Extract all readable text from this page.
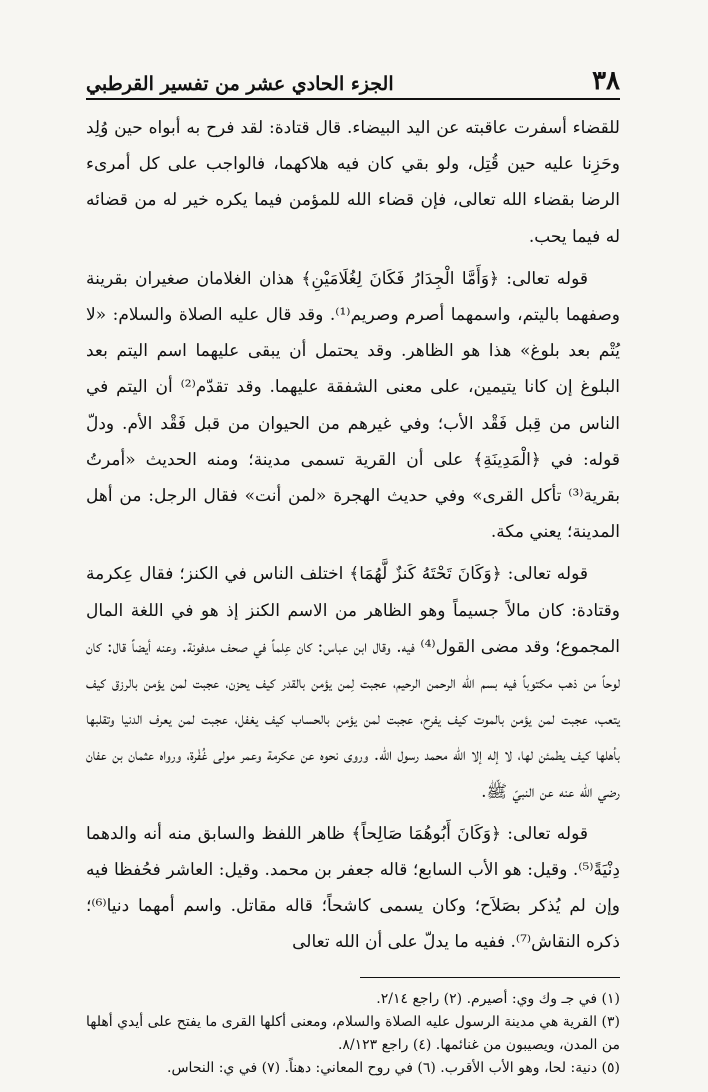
٣٨
الجزء الحادي عشر من تفسير القرطبي

للقضاء أسفرت عاقبته عن اليد البيضاء. قال قتادة: لقد فرح به أبواه حين وُلِد وحَزِنا عليه حين قُتِل، ولو بقي كان فيه هلاكهما، فالواجب على كل أمرىء الرضا بقضاء الله تعالى، فإن قضاء الله للمؤمن فيما يكره خير له من قضائه له فيما يحب.

قوله تعالى: ﴿وَأَمَّا الْجِدَارُ فَكَانَ لِغُلَامَيْنِ﴾ هذان الغلامان صغيران بقرينة وصفهما باليتم، واسمهما أصرم وصريم⁽¹⁾. وقد قال عليه الصلاة والسلام: «لا يُتْم بعد بلوغ» هذا هو الظاهر. وقد يحتمل أن يبقى عليهما اسم اليتم بعد البلوغ إن كانا يتيمين، على معنى الشفقة عليهما. وقد تقدّم⁽²⁾ أن اليتم في الناس من قِبل فَقْد الأب؛ وفي غيرهم من الحيوان من قبل فَقْد الأم. ودلّ قوله: في ﴿الْمَدِينَةِ﴾ على أن القرية تسمى مدينة؛ ومنه الحديث «أمرتُ بقرية⁽³⁾ تأكل القرى» وفي حديث الهجرة «لمن أنت» فقال الرجل: من أهل المدينة؛ يعني مكة.

قوله تعالى: ﴿وَكَانَ تَحْتَهُ كَنزٌ لَّهُمَا﴾ اختلف الناس في الكنز؛ فقال عِكرمة وقتادة: كان مالاً جسيماً وهو الظاهر من الاسم الكنز إذ هو في اللغة المال المجموع؛ وقد مضى القول⁽⁴⁾ فيه. وقال ابن عباس: كان عِلماً في صحف مدفونة. وعنه أيضاً قال: كان لوحاً من ذهب مكتوباً فيه بسم الله الرحمن الرحيم، عجبت لِمن يؤمن بالقدر كيف يحزن، عجبت لمن يؤمن بالرزق كيف يتعب، عجبت لمن يؤمن بالموت كيف يفرح، عجبت لمن يؤمن بالحساب كيف يغفل، عجبت لمن يعرف الدنيا وتقلبها بأهلها كيف يطمئن لها، لا إله إلا الله محمد رسول الله. وروى نحوه عن عكرمة وعمر مولى غُفْرة، ورواه عثمان بن عفان رضي الله عنه عن النبيّ ﷺ.

قوله تعالى: ﴿وَكَانَ أَبُوهُمَا صَالِحاً﴾ ظاهر اللفظ والسابق منه أنه والدهما دِنْيَةً⁽⁵⁾. وقيل: هو الأب السابع؛ قاله جعفر بن محمد. وقيل: العاشر فحُفظا فيه وإن لم يُذكر بصَلاَح؛ وكان يسمى كاشحاً؛ قاله مقاتل. واسم أمهما دنيا⁽⁶⁾؛ ذكره النقاش⁽⁷⁾. ففيه ما يدلّ على أن الله تعالى

(١) في جـ وك وي: أصيرم. (٢) راجع ٢/١٤.

(٣) القرية هي مدينة الرسول عليه الصلاة والسلام، ومعنى أكلها القرى ما يفتح على أيدي أهلها من المدن، ويصيبون من غنائمها. (٤) راجع ٨/١٢٣.

(٥) دنية: لحا، وهو الأب الأقرب. (٦) في روح المعاني: دهناً. (٧) في ي: النحاس.
